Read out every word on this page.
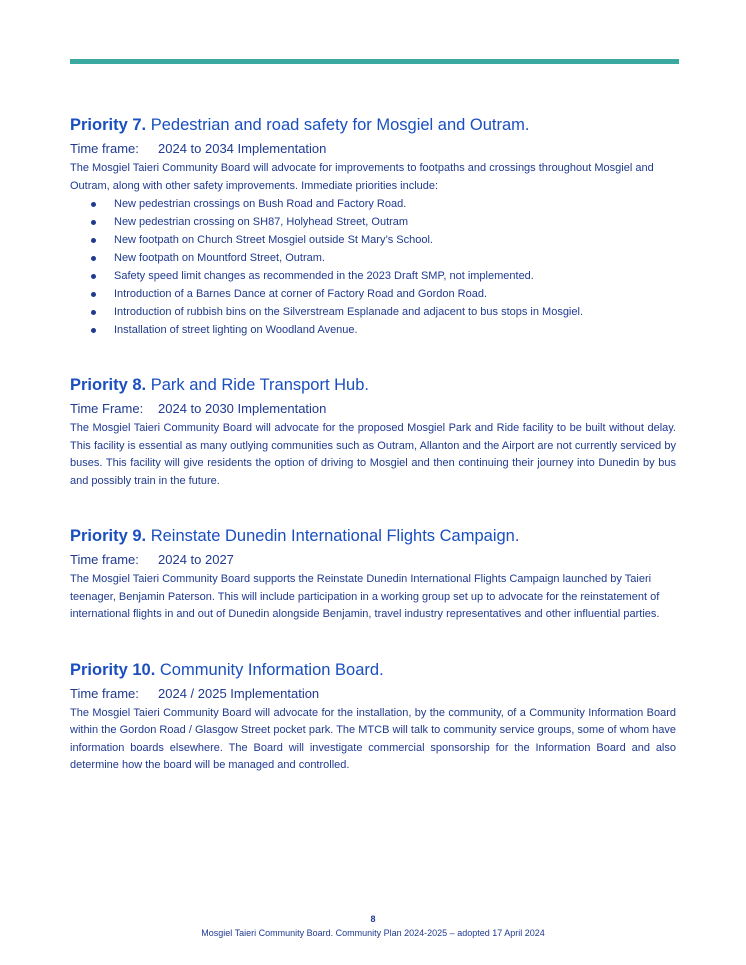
Priority 7. Pedestrian and road safety for Mosgiel and Outram.
Time frame: 2024 to 2034 Implementation

The Mosgiel Taieri Community Board will advocate for improvements to footpaths and crossings throughout Mosgiel and Outram, along with other safety improvements. Immediate priorities include:

New pedestrian crossings on Bush Road and Factory Road.
New pedestrian crossing on SH87, Holyhead Street, Outram
New footpath on Church Street Mosgiel outside St Mary’s School.
New footpath on Mountford Street, Outram.
Safety speed limit changes as recommended in the 2023 Draft SMP, not implemented.
Introduction of a Barnes Dance at corner of Factory Road and Gordon Road.
Introduction of rubbish bins on the Silverstream Esplanade and adjacent to bus stops in Mosgiel.
Installation of street lighting on Woodland Avenue.
Priority 8. Park and Ride Transport Hub.
Time Frame: 2024 to 2030 Implementation

The Mosgiel Taieri Community Board will advocate for the proposed Mosgiel Park and Ride facility to be built without delay. This facility is essential as many outlying communities such as Outram, Allanton and the Airport are not currently serviced by buses. This facility will give residents the option of driving to Mosgiel and then continuing their journey into Dunedin by bus and possibly train in the future.

Priority 9. Reinstate Dunedin International Flights Campaign.
Time frame: 2024 to 2027

The Mosgiel Taieri Community Board supports the Reinstate Dunedin International Flights Campaign launched by Taieri teenager, Benjamin Paterson. This will include participation in a working group set up to advocate for the reinstatement of international flights in and out of Dunedin alongside Benjamin, travel industry representatives and other influential parties.

Priority 10. Community Information Board.
Time frame: 2024 / 2025 Implementation

The Mosgiel Taieri Community Board will advocate for the installation, by the community, of a Community Information Board within the Gordon Road / Glasgow Street pocket park. The MTCB will talk to community service groups, some of whom have information boards elsewhere. The Board will investigate commercial sponsorship for the Information Board and also determine how the board will be managed and controlled.

8
Mosgiel Taieri Community Board. Community Plan 2024-2025 – adopted 17 April 2024
